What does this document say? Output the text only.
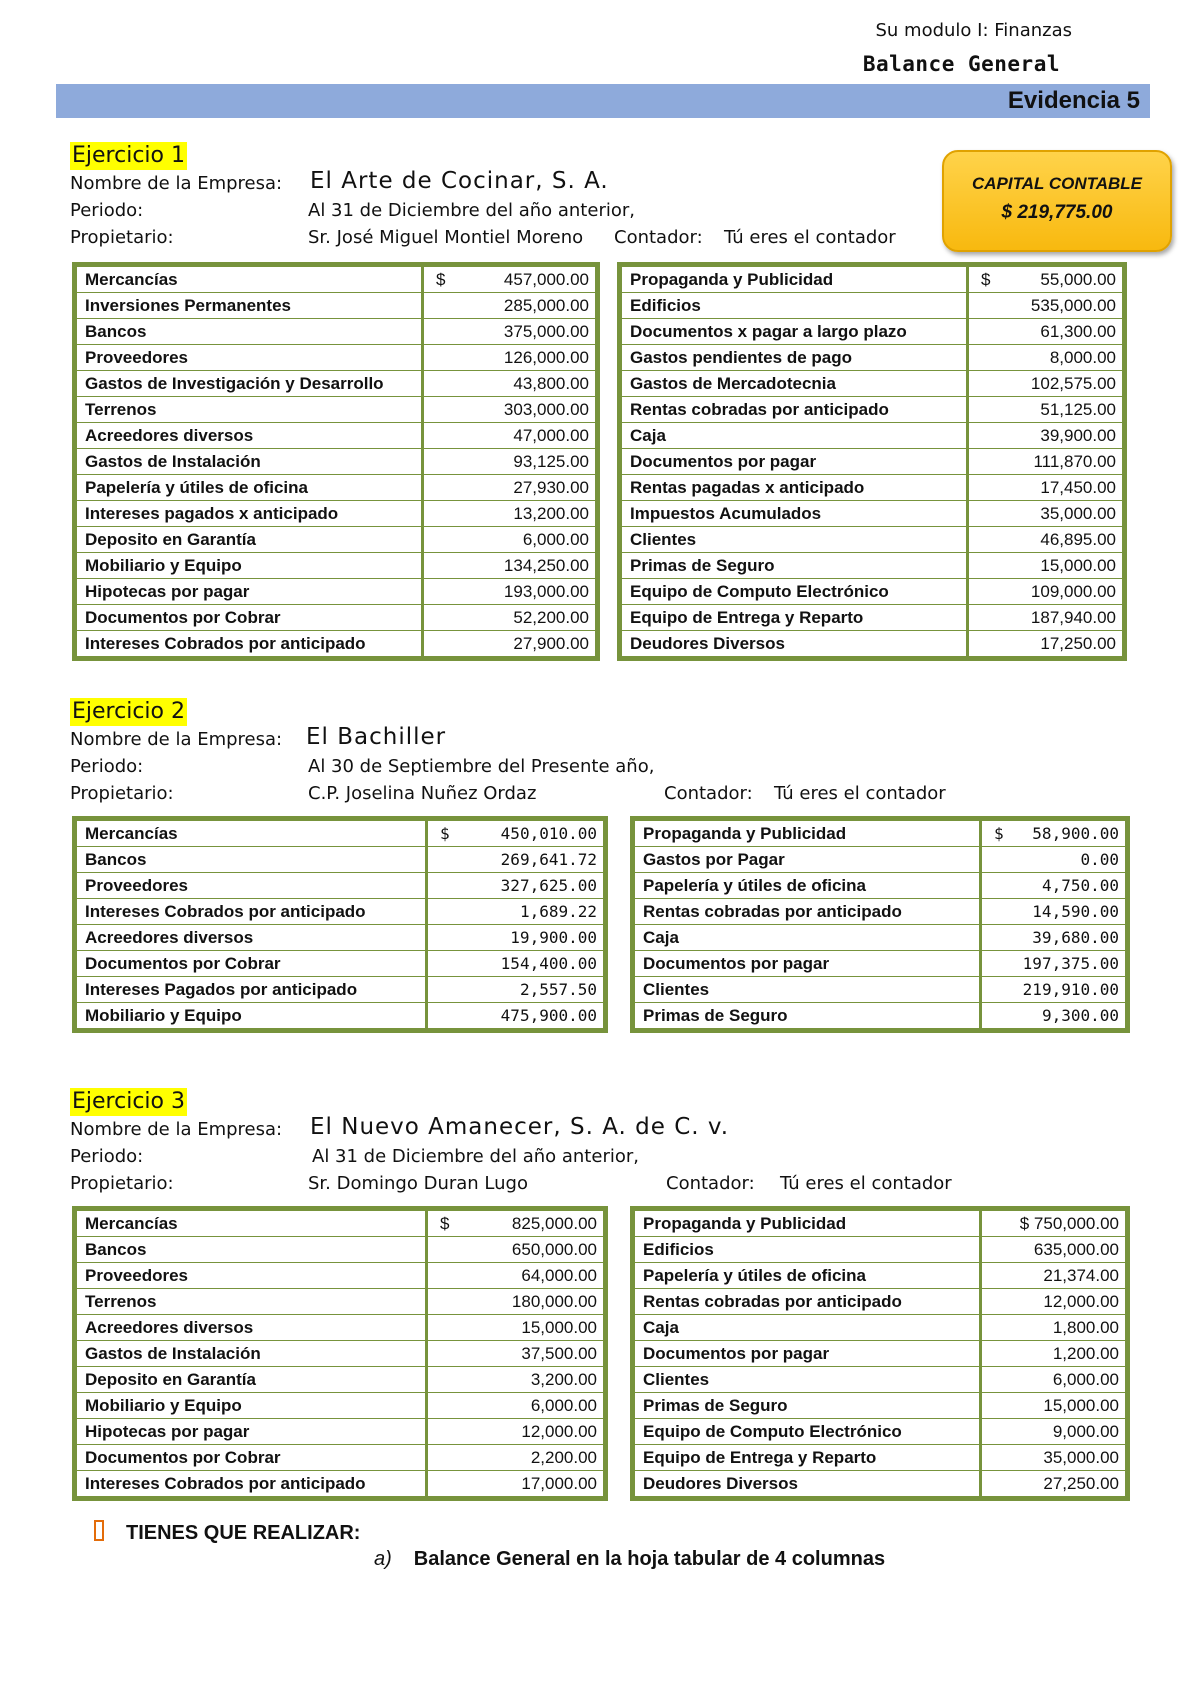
Su modulo I: Finanzas
Balance General
Evidencia 5
CAPITAL CONTABLE
$ 219,775.00
Ejercicio 1
Nombre de la Empresa: El Arte de Cocinar, S. A.
Periodo:	Al 31 de Diciembre del año anterior,
Propietario:	Sr. José Miguel Montiel Moreno Contador: Tú eres el contador
Mercancías	$ 457,000.00
Inversiones Permanentes	285,000.00
Bancos	375,000.00
Proveedores	126,000.00
Gastos de Investigación y Desarrollo	43,800.00
Terrenos	303,000.00
Acreedores diversos	47,000.00
Gastos de Instalación	93,125.00
Papelería y útiles de oficina	27,930.00
Intereses pagados x anticipado	13,200.00
Deposito en Garantía	6,000.00
Mobiliario y Equipo	134,250.00
Hipotecas por pagar	193,000.00
Documentos por Cobrar	52,200.00
Intereses Cobrados por anticipado	27,900.00
Propaganda y Publicidad	$ 55,000.00
Edificios	535,000.00
Documentos x pagar a largo plazo	61,300.00
Gastos pendientes de pago	8,000.00
Gastos de Mercadotecnia	102,575.00
Rentas cobradas por anticipado	51,125.00
Caja	39,900.00
Documentos por pagar	111,870.00
Rentas pagadas x anticipado	17,450.00
Impuestos Acumulados	35,000.00
Clientes	46,895.00
Primas de Seguro	15,000.00
Equipo de Computo Electrónico	109,000.00
Equipo de Entrega y Reparto	187,940.00
Deudores Diversos	17,250.00
Ejercicio 2
Nombre de la Empresa: El Bachiller
Periodo:	Al 30 de Septiembre del Presente año,
Propietario:	C.P. Joselina Nuñez Ordaz	Contador: Tú eres el contador
Mercancías	$ 450,010.00
Bancos	269,641.72
Proveedores	327,625.00
Intereses Cobrados por anticipado	1,689.22
Acreedores diversos	19,900.00
Documentos por Cobrar	154,400.00
Intereses Pagados por anticipado	2,557.50
Mobiliario y Equipo	475,900.00
Propaganda y Publicidad	$ 58,900.00
Gastos por Pagar	0.00
Papelería y útiles de oficina	4,750.00
Rentas cobradas por anticipado	14,590.00
Caja	39,680.00
Documentos por pagar	197,375.00
Clientes	219,910.00
Primas de Seguro	9,300.00
Ejercicio 3
Nombre de la Empresa: El Nuevo Amanecer, S. A. de C. v.
Periodo:	Al 31 de Diciembre del año anterior,
Propietario:	Sr. Domingo Duran Lugo	Contador: Tú eres el contador
Mercancías	$ 825,000.00
Bancos	650,000.00
Proveedores	64,000.00
Terrenos	180,000.00
Acreedores diversos	15,000.00
Gastos de Instalación	37,500.00
Deposito en Garantía	3,200.00
Mobiliario y Equipo	6,000.00
Hipotecas por pagar	12,000.00
Documentos por Cobrar	2,200.00
Intereses Cobrados por anticipado	17,000.00
Propaganda y Publicidad	$ 750,000.00
Edificios	635,000.00
Papelería y útiles de oficina	21,374.00
Rentas cobradas por anticipado	12,000.00
Caja	1,800.00
Documentos por pagar	1,200.00
Clientes	6,000.00
Primas de Seguro	15,000.00
Equipo de Computo Electrónico	9,000.00
Equipo de Entrega y Reparto	35,000.00
Deudores Diversos	27,250.00
TIENES QUE REALIZAR:
a) Balance General en la hoja tabular de 4 columnas
